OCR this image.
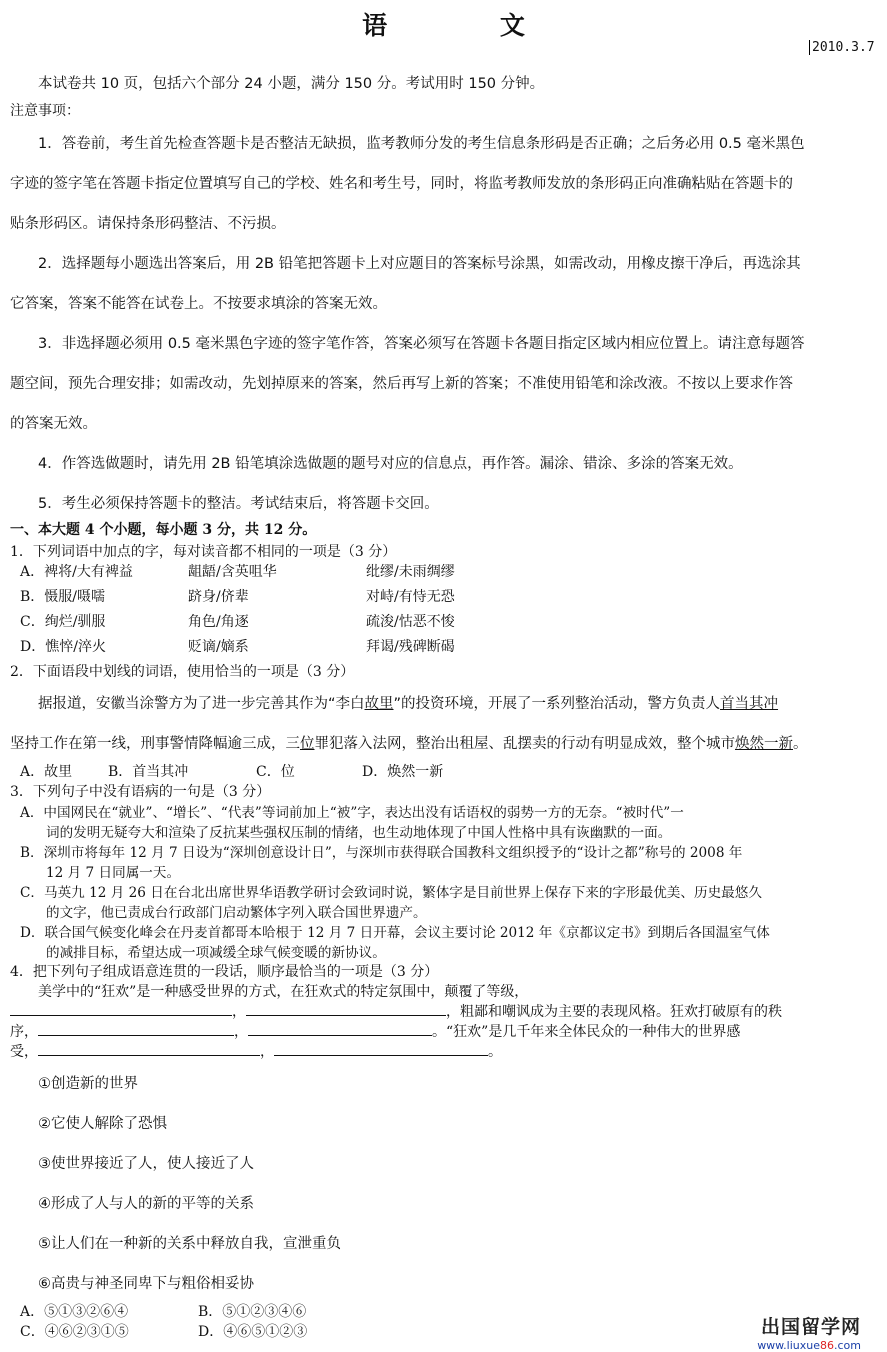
语 文
2010.3.7
本试卷共 10 页，包括六个部分 24 小题，满分 150 分。考试用时 150 分钟。
注意事项：
1．答卷前，考生首先检查答题卡是否整洁无缺损，监考教师分发的考生信息条形码是否正确；之后务必用 0.5 毫米黑色
字迹的签字笔在答题卡指定位置填写自己的学校、姓名和考生号，同时，将监考教师发放的条形码正向准确粘贴在答题卡的
贴条形码区。请保持条形码整洁、不污损。
2．选择题每小题选出答案后，用 2B 铅笔把答题卡上对应题目的答案标号涂黑，如需改动，用橡皮擦干净后，再选涂其
它答案，答案不能答在试卷上。不按要求填涂的答案无效。
3．非选择题必须用 0.5 毫米黑色字迹的签字笔作答，答案必须写在答题卡各题目指定区域内相应位置上。请注意每题答
题空间，预先合理安排；如需改动，先划掉原来的答案，然后再写上新的答案；不准使用铅笔和涂改液。不按以上要求作答
的答案无效。
4．作答选做题时，请先用 2B 铅笔填涂选做题的题号对应的信息点，再作答。漏涂、错涂、多涂的答案无效。
5．考生必须保持答题卡的整洁。考试结束后，将答题卡交回。
一、本大题 4 个小题，每小题 3 分，共 12 分。
1．下列词语中加点的字，每对读音都不相同的一项是（3 分）
A．裨将/大有裨益	龃龉/含英咀华	纰缪/未雨绸缪
B．慑服/嗫嚅	跻身/侪辈	对峙/有恃无恐
C．绚烂/驯服	角色/角逐	疏浚/怙恶不悛
D．憔悴/淬火	贬谪/嫡系	拜谒/残碑断碣
2．下面语段中划线的词语，使用恰当的一项是（3 分）
据报道，安徽当涂警方为了进一步完善其作为“李白故里”的投资环境，开展了一系列整治活动，警方负责人首当其冲
坚持工作在第一线，刑事警情降幅逾三成，三位罪犯落入法网，整治出租屋、乱摆卖的行动有明显成效，整个城市焕然一新。
A．故里	B．首当其冲	C．位	D．焕然一新
3．下列句子中没有语病的一句是（3 分）
A．中国网民在“就业”、“增长”、“代表”等词前加上“被”字，表达出没有话语权的弱势一方的无奈。“被时代”一
词的发明无疑夸大和渲染了反抗某些强权压制的情绪，也生动地体现了中国人性格中具有诙幽默的一面。
B．深圳市将每年 12 月 7 日设为“深圳创意设计日”，与深圳市获得联合国教科文组织授予的“设计之都”称号的 2008 年
12 月 7 日同属一天。
C．马英九 12 月 26 日在台北出席世界华语教学研讨会致词时说，繁体字是目前世界上保存下来的字形最优美、历史最悠久
的文字，他已责成台行政部门启动繁体字列入联合国世界遗产。
D．联合国气候变化峰会在丹麦首都哥本哈根于 12 月 7 日开幕，会议主要讨论 2012 年《京都议定书》到期后各国温室气体
的减排目标，希望达成一项减缓全球气候变暖的新协议。
4．把下列句子组成语意连贯的一段话，顺序最恰当的一项是（3 分）
美学中的“狂欢”是一种感受世界的方式，在狂欢式的特定氛围中，颠覆了等级，
，	，粗鄙和嘲讽成为主要的表现风格。狂欢打破原有的秩
序，	，	。“狂欢”是几千年来全体民众的一种伟大的世界感
受，	，	。
①创造新的世界
②它使人解除了恐惧
③使世界接近了人，使人接近了人
④形成了人与人的新的平等的关系
⑤让人们在一种新的关系中释放自我，宣泄重负
⑥高贵与神圣同卑下与粗俗相妥协
A．⑤①③②⑥④	B．⑤①②③④⑥
C．④⑥②③①⑤	D．④⑥⑤①②③	出国留学网
www.liuxue86.com
